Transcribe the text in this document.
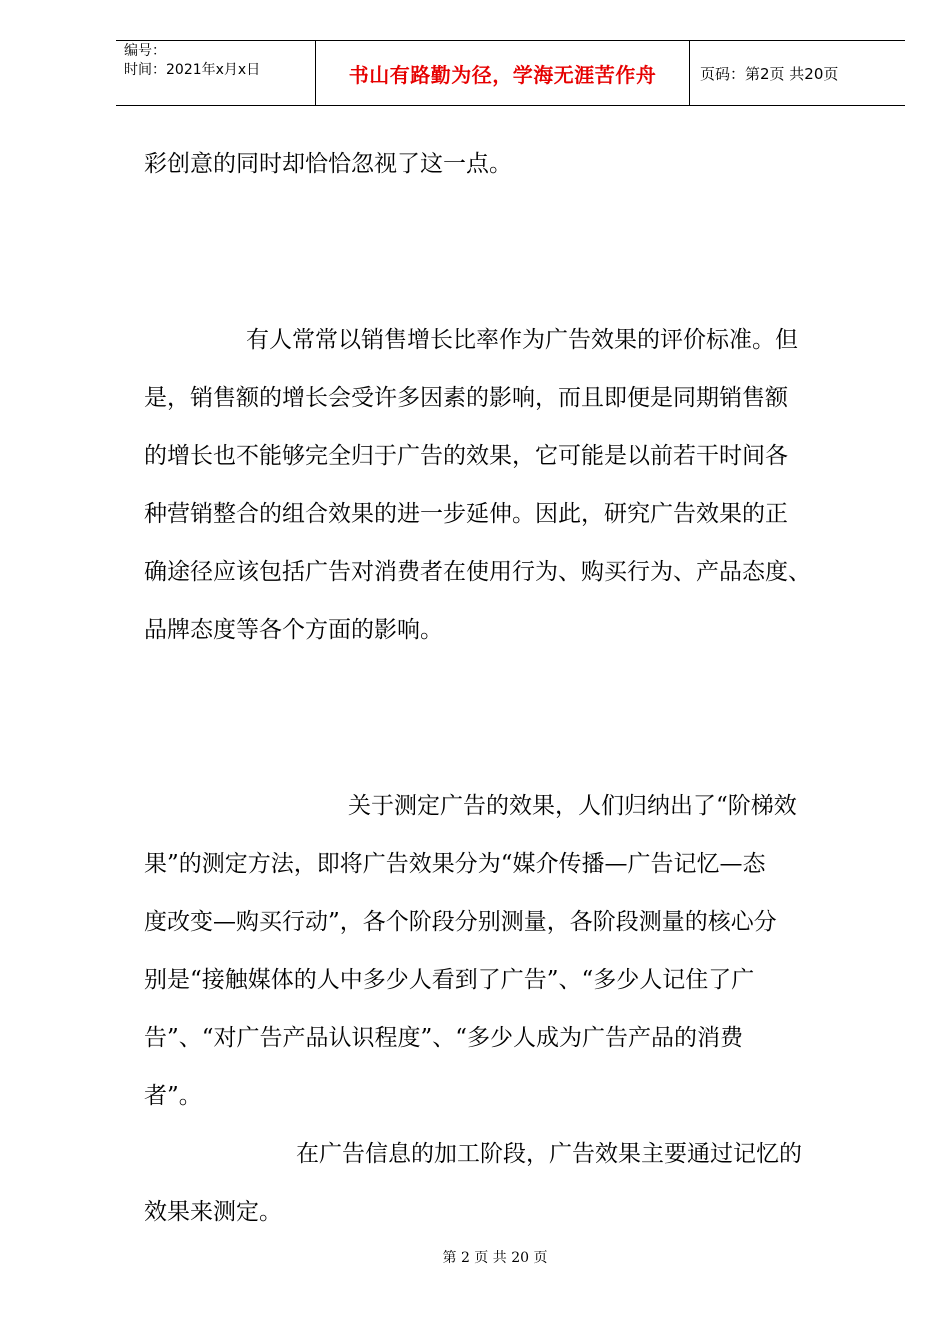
编号：
时间：2021年x月x日	书山有路勤为径，学海无涯苦作舟	页码：第2页 共20页
彩创意的同时却恰恰忽视了这一点。
有人常常以销售增长比率作为广告效果的评价标准。但
是，销售额的增长会受许多因素的影响，而且即便是同期销售额
的增长也不能够完全归于广告的效果，它可能是以前若干时间各
种营销整合的组合效果的进一步延伸。因此，研究广告效果的正
确途径应该包括广告对消费者在使用行为、购买行为、产品态度、
品牌态度等各个方面的影响。
关于测定广告的效果，人们归纳出了“阶梯效
果”的测定方法，即将广告效果分为“媒介传播—广告记忆—态
度改变—购买行动”，各个阶段分别测量，各阶段测量的核心分
别是“接触媒体的人中多少人看到了广告”、“多少人记住了广
告”、“对广告产品认识程度”、“多少人成为广告产品的消费
者”。
在广告信息的加工阶段，广告效果主要通过记忆的
效果来测定。
第 2 页 共 20 页
